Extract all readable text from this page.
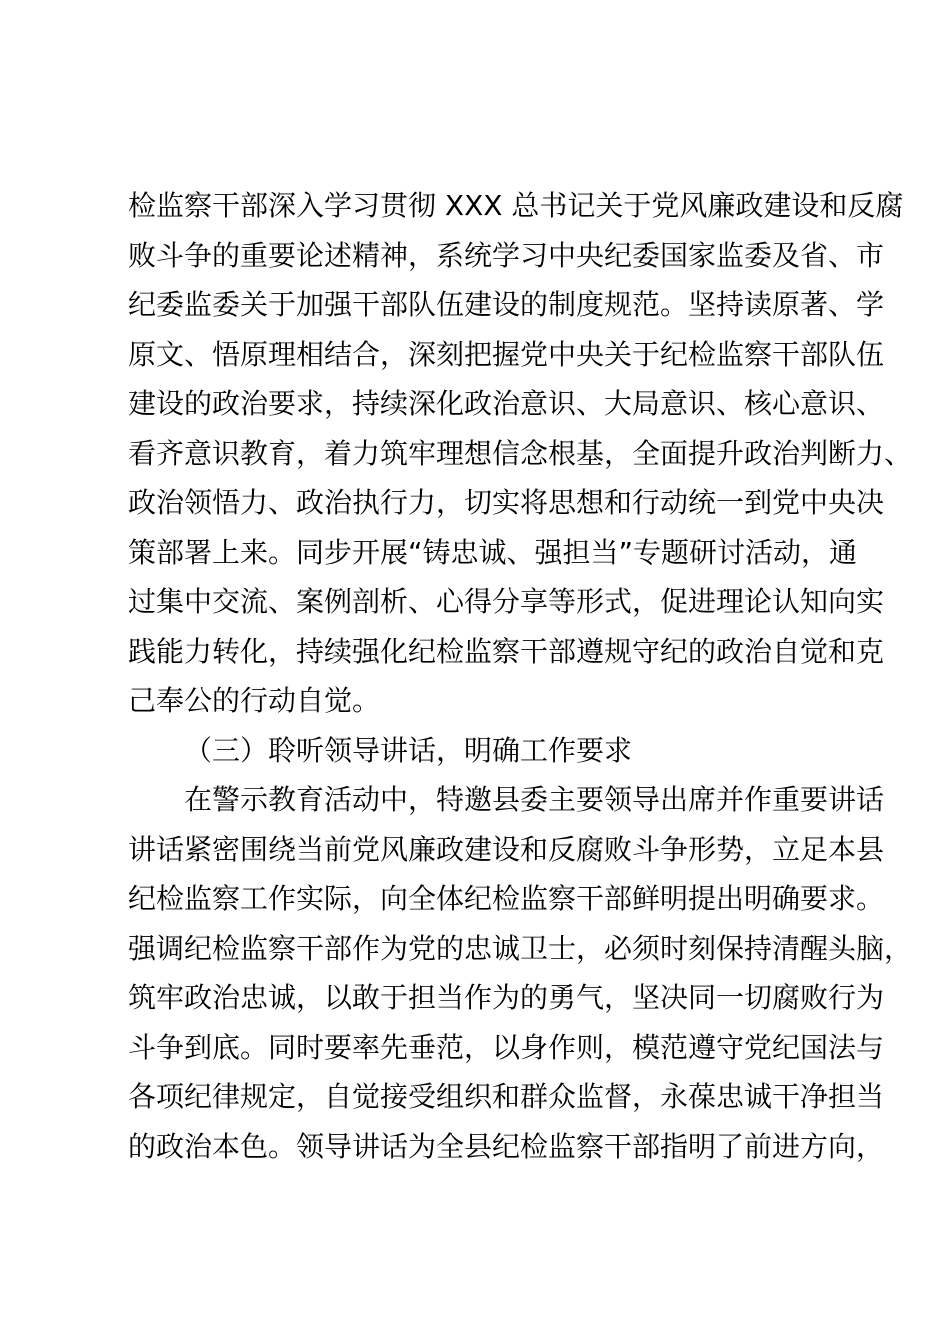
检监察干部深入学习贯彻 XXX 总书记关于党风廉政建设和反腐
败斗争的重要论述精神，系统学习中央纪委国家监委及省、市
纪委监委关于加强干部队伍建设的制度规范。坚持读原著、学
原文、悟原理相结合，深刻把握党中央关于纪检监察干部队伍
建设的政治要求，持续深化政治意识、大局意识、核心意识、
看齐意识教育，着力筑牢理想信念根基，全面提升政治判断力、
政治领悟力、政治执行力，切实将思想和行动统一到党中央决
策部署上来。同步开展“铸忠诚、强担当”专题研讨活动，通
过集中交流、案例剖析、心得分享等形式，促进理论认知向实
践能力转化，持续强化纪检监察干部遵规守纪的政治自觉和克
己奉公的行动自觉。
（三）聆听领导讲话，明确工作要求
在警示教育活动中，特邀县委主要领导出席并作重要讲话
讲话紧密围绕当前党风廉政建设和反腐败斗争形势，立足本县
纪检监察工作实际，向全体纪检监察干部鲜明提出明确要求。
强调纪检监察干部作为党的忠诚卫士，必须时刻保持清醒头脑，
筑牢政治忠诚，以敢于担当作为的勇气，坚决同一切腐败行为
斗争到底。同时要率先垂范，以身作则，模范遵守党纪国法与
各项纪律规定，自觉接受组织和群众监督，永葆忠诚干净担当
的政治本色。领导讲话为全县纪检监察干部指明了前进方向，
